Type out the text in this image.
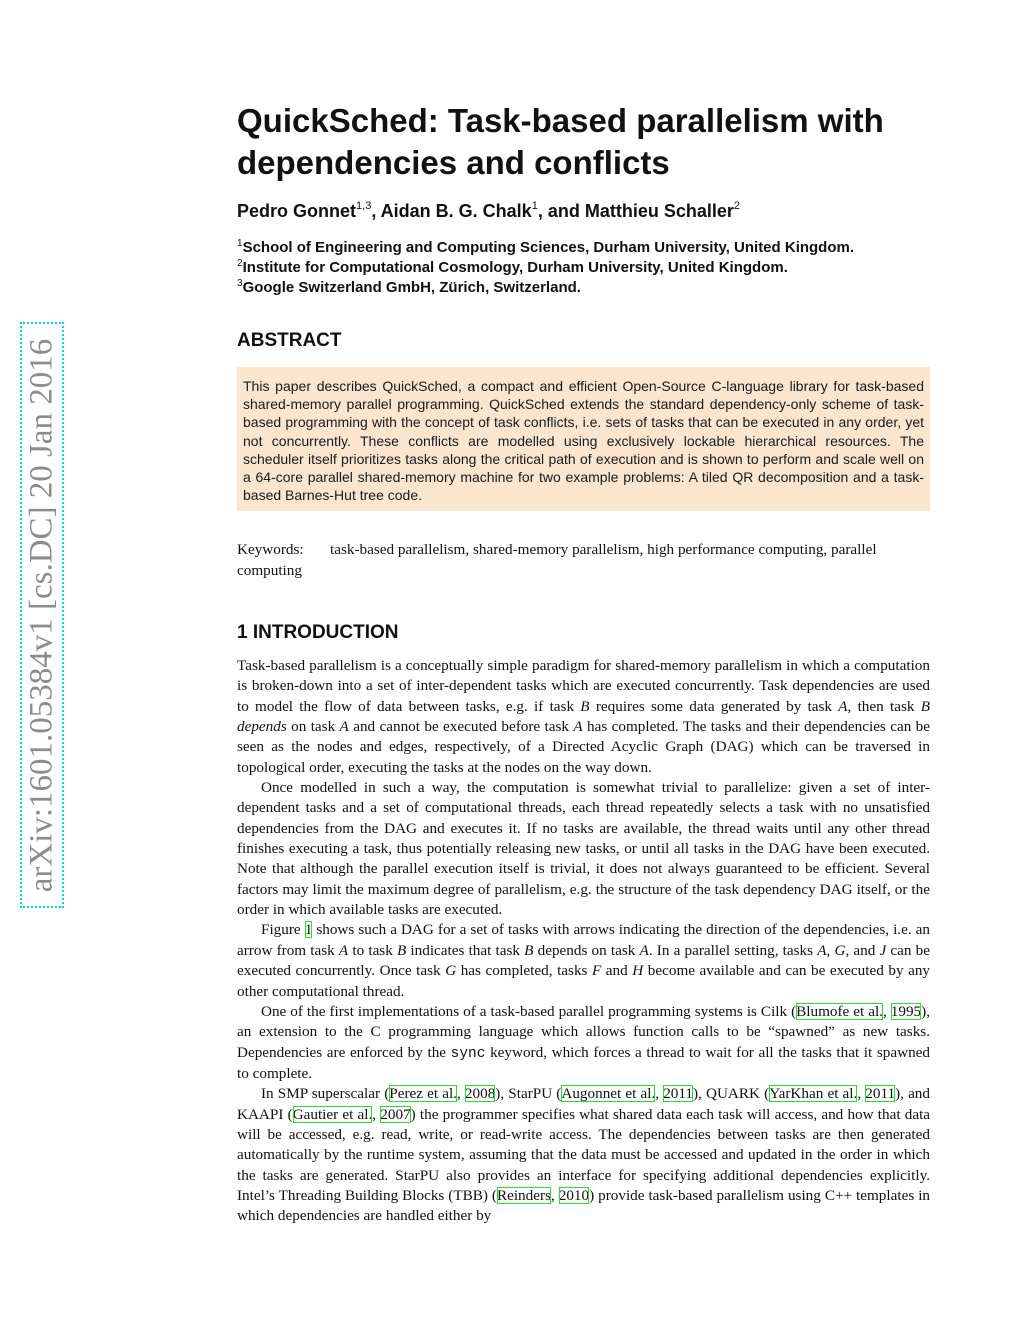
arXiv:1601.05384v1 [cs.DC] 20 Jan 2016
QuickSched: Task-based parallelism with
dependencies and conflicts

Pedro Gonnet$^{1,3}$, Aidan B. G. Chalk$^1$, and Matthieu Schaller$^2$

$^1$School of Engineering and Computing Sciences, Durham University, United Kingdom.
$^2$Institute for Computational Cosmology, Durham University, United Kingdom.
$^3$Google Switzerland GmbH, Zürich, Switzerland.
ABSTRACT
This paper describes QuickSched, a compact and efficient Open-Source C-language library for task-based shared-memory parallel programming. QuickSched extends the standard dependency-only scheme of task-based programming with the concept of task conflicts, i.e. sets of tasks that can be executed in any order, yet not concurrently. These conflicts are modelled using exclusively lockable hierarchical resources. The scheduler itself prioritizes tasks along the critical path of execution and is shown to perform and scale well on a 64-core parallel shared-memory machine for two example problems: A tiled QR decomposition and a task-based Barnes-Hut tree code.
Keywords: task-based parallelism, shared-memory parallelism, high performance computing, parallel computing
1 INTRODUCTION

Task-based parallelism is a conceptually simple paradigm for shared-memory parallelism in which a computation is broken-down into a set of inter-dependent tasks which are executed concurrently. Task dependencies are used to model the flow of data between tasks, e.g. if task B requires some data generated by task A, then task B depends on task A and cannot be executed before task A has completed. The tasks and their dependencies can be seen as the nodes and edges, respectively, of a Directed Acyclic Graph (DAG) which can be traversed in topological order, executing the tasks at the nodes on the way down.

Once modelled in such a way, the computation is somewhat trivial to parallelize: given a set of inter-dependent tasks and a set of computational threads, each thread repeatedly selects a task with no unsatisfied dependencies from the DAG and executes it. If no tasks are available, the thread waits until any other thread finishes executing a task, thus potentially releasing new tasks, or until all tasks in the DAG have been executed. Note that although the parallel execution itself is trivial, it does not always guaranteed to be efficient. Several factors may limit the maximum degree of parallelism, e.g. the structure of the task dependency DAG itself, or the order in which available tasks are executed.

Figure 1 shows such a DAG for a set of tasks with arrows indicating the direction of the dependencies, i.e. an arrow from task A to task B indicates that task B depends on task A. In a parallel setting, tasks A, G, and J can be executed concurrently. Once task G has completed, tasks F and H become available and can be executed by any other computational thread.

One of the first implementations of a task-based parallel programming systems is Cilk (Blumofe et al., 1995), an extension to the C programming language which allows function calls to be “spawned” as new tasks. Dependencies are enforced by the sync keyword, which forces a thread to wait for all the tasks that it spawned to complete.

In SMP superscalar (Perez et al., 2008), StarPU (Augonnet et al., 2011), QUARK (YarKhan et al., 2011), and KAAPI (Gautier et al., 2007) the programmer specifies what shared data each task will access, and how that data will be accessed, e.g. read, write, or read-write access. The dependencies between tasks are then generated automatically by the runtime system, assuming that the data must be accessed and updated in the order in which the tasks are generated. StarPU also provides an interface for specifying additional dependencies explicitly. Intel’s Threading Building Blocks (TBB) (Reinders, 2010) provide task-based parallelism using C++ templates in which dependencies are handled either by
